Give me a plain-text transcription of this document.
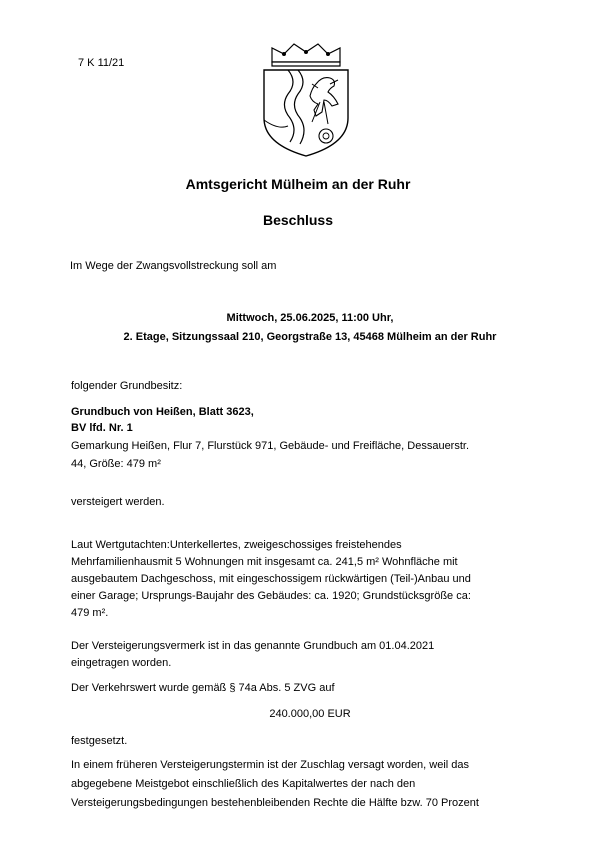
7 K 11/21
Amtsgericht Mülheim an der Ruhr
Beschluss
Im Wege der Zwangsvollstreckung soll am
Mittwoch, 25.06.2025, 11:00 Uhr,
2. Etage, Sitzungssaal 210, Georgstraße 13, 45468 Mülheim an der Ruhr
folgender Grundbesitz:
Grundbuch von Heißen, Blatt 3623,
BV lfd. Nr. 1
Gemarkung Heißen, Flur 7, Flurstück 971, Gebäude- und Freifläche, Dessauerstr.
44, Größe: 479 m²
versteigert werden.
Laut Wertgutachten:Unterkellertes, zweigeschossiges freistehendes
Mehrfamilienhausmit 5 Wohnungen mit insgesamt ca. 241,5 m² Wohnfläche mit
ausgebautem Dachgeschoss, mit eingeschossigem rückwärtigen (Teil-)Anbau und
einer Garage; Ursprungs-Baujahr des Gebäudes: ca. 1920; Grundstücksgröße ca:
479 m².
Der Versteigerungsvermerk ist in das genannte Grundbuch am 01.04.2021
eingetragen worden.
Der Verkehrswert wurde gemäß § 74a Abs. 5 ZVG auf
240.000,00 EUR
festgesetzt.
In einem früheren Versteigerungstermin ist der Zuschlag versagt worden, weil das
abgegebene Meistgebot einschließlich des Kapitalwertes der nach den
Versteigerungsbedingungen bestehenbleibenden Rechte die Hälfte bzw. 70 Prozent
